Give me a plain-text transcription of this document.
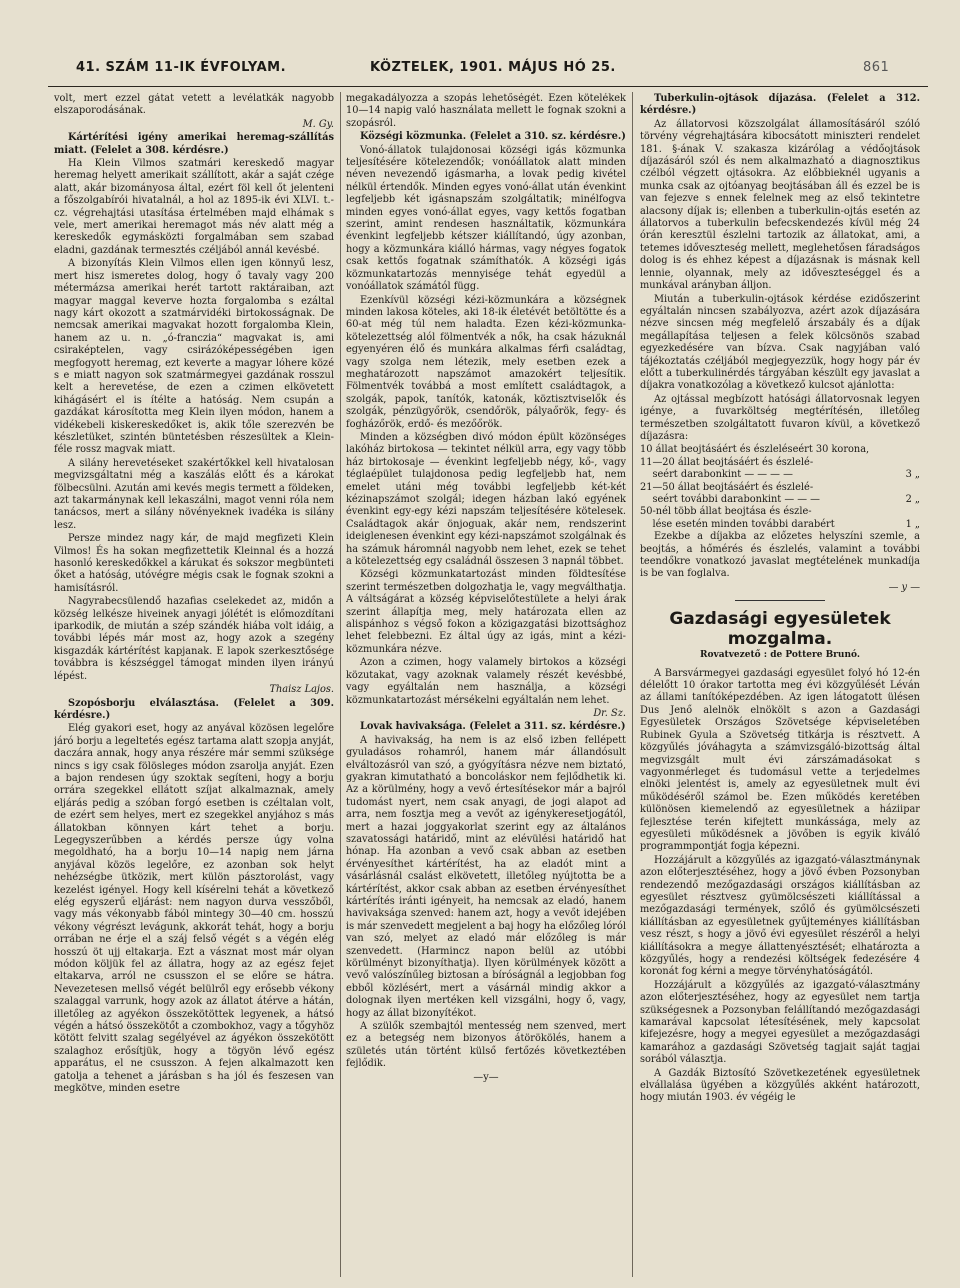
41. SZÁM 11-IK ÉVFOLYAM.	KÖZTELEK, 1901. MÁJUS HÓ 25.	861

volt, mert ezzel gátat vetett a levélatkák nagyobb elszaporodásának.

M. Gy.

Kártérítési igény amerikai heremag-szállítás miatt. (Felelet a 308. kérdésre.)

Ha Klein Vilmos szatmári kereskedő magyar heremag helyett amerikait szállított, akár a saját czége alatt, akár bizományosa által, ezért föl kell őt jelenteni a főszolgabírói hivatalnál, a hol az 1895-ik évi XLVI. t.-cz. végrehajtási utasítása értelmében majd elhámak s vele, mert amerikai heremagot más név alatt még a kereskedők egymásközti forgalmában sem szabad eladni, gazdának termesztés czéljából annál kevésbé.

A bizonyítás Klein Vilmos ellen igen könnyű lesz, mert hisz ismeretes dolog, hogy ő tavaly vagy 200 métermázsa amerikai herét tartott raktáraiban, azt magyar maggal keverve hozta forgalomba s ezáltal nagy kárt okozott a szatmárvidéki birtokosságnak. De nemcsak amerikai magvakat hozott forgalomba Klein, hanem az u. n. „ó-franczia“ magvakat is, ami csiraképtelen, vagy csirázóképességében igen megfogyott heremag, ezt keverte a magyar lóhere közé s e miatt nagyon sok szatmármegyei gazdának rosszul kelt a herevetése, de ezen a czimen elkövetett kihágásért el is ítélte a hatóság. Nem csupán a gazdákat károsította meg Klein ilyen módon, hanem a vidékebeli kiskereskedőket is, akik tőle szerezvén be készletüket, szintén büntetésben részesültek a Klein-féle rossz magvak miatt.

A silány herevetéseket szakértőkkel kell hivatalosan megvizsgáltatni még a kaszálás előtt és a károkat fölbecsülni. Azután ami kevés megis termett a földeken, azt takarmánynak kell lekaszálni, magot venni róla nem tanácsos, mert a silány növényeknek ivadéka is silány lesz.

Persze mindez nagy kár, de majd megfizeti Klein Vilmos! És ha sokan megfizettetik Kleinnal és a hozzá hasonló kereskedőkkel a kárukat és sokszor megbünteti őket a hatóság, utóvégre mégis csak le fognak szokni a hamisításról.

Nagyrabecsülendő hazafias cselekedet az, midőn a község lelkésze hiveinek anyagi jólétét is előmozdítani iparkodik, de miután a szép szándék hiába volt idáig, a további lépés már most az, hogy azok a szegény kisgazdák kártérítést kapjanak. E lapok szerkesztősége továbbra is készséggel támogat minden ilyen irányú lépést.

Thaisz Lajos.

Szopósborju elválasztása. (Felelet a 309. kérdésre.)

Elég gyakori eset, hogy az anyával közösen legelőre járó borju a legeltetés egész tartama alatt szopja anyját, daczára annak, hogy anya részére már semmi szüksége nincs s igy csak fölösleges módon zsarolja anyját. Ezen a bajon rendesen úgy szoktak segíteni, hogy a borju orrára szegekkel ellátott szíjat alkalmaznak, amely eljárás pedig a szóban forgó esetben is czéltalan volt, de ezért sem helyes, mert ez szegekkel anyjához s más állatokban könnyen kárt tehet a borju. Legegyszerűbben a kérdés persze úgy volna megoldható, ha a borju 10—14 napig nem járna anyjával közös legelőre, ez azonban sok helyt nehézségbe ütközik, mert külön pásztorolást, vagy kezelést igényel. Hogy kell kísérelni tehát a következő elég egyszerű eljárást: nem nagyon durva vesszőből, vagy más vékonyabb fából mintegy 30—40 cm. hosszú vékony végrészt levágunk, akkorát tehát, hogy a borju orrában ne érje el a száj felső végét s a végén elég hosszú öt ujj eltakarja. Ezt a vásznat most már olyan módon köljük fel az állatra, hogy az az egész fejet eltakarva, arról ne csusszon el se előre se hátra. Nevezetesen mellső végét belülről egy erősebb vékony szalaggal varrunk, hogy azok az állatot átérve a hátán, illetőleg az agyékon összekötöttek legyenek, a hátsó végén a hátsó összekötőt a czombokhoz, vagy a tőgyhöz kötött felvitt szalag segélyével az ágyékon összekötött szalaghoz erősítjük, hogy a tögyön lévő egész apparátus, el ne csusszon. A fejen alkalmazott ken gatolja a tehenet a járásban s ha jól és feszesen van megkötve, minden esetre

megakadályozza a szopás lehetőségét. Ezen kötelékek 10—14 napig való használata mellett le fognak szokni a szopásról.

Községi közmunka. (Felelet a 310. sz. kérdésre.)

Vonó-állatok tulajdonosai községi igás közmunka teljesítésére kötelezendők; vonóállatok alatt minden néven nevezendő igásmarha, a lovak pedig kivétel nélkül értendők. Minden egyes vonó-állat után évenkint legfeljebb két igásnapszám szolgáltatik; minélfogva minden egyes vonó-állat egyes, vagy kettős fogatban szerint, amint rendesen használtatik, közmunkára évenkint legfeljebb kétszer kiállítandó, úgy azonban, hogy a közmunkára kiálló hármas, vagy négyes fogatok csak kettős fogatnak számíthatók. A községi igás közmunkatartozás mennyisége tehát egyedül a vonóállatok számától függ.

Ezenkívül községi kézi-közmunkára a községnek minden lakosa köteles, aki 18-ik életévét betöltötte és a 60-at még túl nem haladta. Ezen kézi-közmunka-kötelezettség alól fölmentvék a nők, ha csak házuknál egyenyéren élő és munkára alkalmas férfi családtag, vagy szolga nem létezik, mely esetben ezek a meghatározott napszámot amazokért teljesítik. Fölmentvék továbbá a most említett családtagok, a szolgák, papok, tanítók, katonák, köztisztviselők és szolgák, pénzügyőrök, csendőrök, pályaőrök, fegy- és fogházőrök, erdő- és mezőőrök.

Minden a községben divó módon épült közönséges lakóház birtokosa — tekintet nélkül arra, egy vagy több ház birtokosaje — évenkint legfeljebb négy, kő-, vagy téglaépület tulajdonosa pedig legfeljebb hat, nem emelet utáni még további legfeljebb két-két kézinapszámot szolgál; idegen házban lakó egyének évenkint egy-egy kézi napszám teljesítésére kötelesek. Családtagok akár önjoguak, akár nem, rendszerint ideiglenesen évenkint egy kézi-napszámot szolgálnak és ha számuk háromnál nagyobb nem lehet, ezek se tehet a kötelezettség egy családnál összesen 3 napnál többet.

Községi közmunkatartozást minden földtesítése szerint természetben dolgozhatja le, vagy megválthatja. A váltságárat a község képviselőtestülete a helyi árak szerint állapítja meg, mely határozata ellen az alispánhoz s végső fokon a közigazgatási bizottsághoz lehet felebbezni. Ez által úgy az igás, mint a kézi-közmunkára nézve.

Azon a czimen, hogy valamely birtokos a községi közutakat, vagy azoknak valamely részét kevésbbé, vagy egyáltalán nem használja, a községi közmunkatartozást mérsékelni egyáltalán nem lehet.

Dr. Sz.

Lovak havivaksága. (Felelet a 311. sz. kérdésre.)

A havivakság, ha nem is az első izben fellépett gyuladásos rohamról, hanem már állandósult elváltozásról van szó, a gyógyításra nézve nem biztató, gyakran kimutatható a boncoláskor nem fejlődhetik ki. Az a körülmény, hogy a vevő értesítésekor már a bajról tudomást nyert, nem csak anyagi, de jogi alapot ad arra, nem fosztja meg a vevőt az igénykeresetjogától, mert a hazai joggyakorlat szerint egy az általános szavatossági határidő, mint az elévülési határidő hat hónap. Ha azonban a vevő csak abban az esetben érvényesíthet kártérítést, ha az eladót mint a vásárlásnál csalást elkövetett, illetőleg nyújtotta be a kártérítést, akkor csak abban az esetben érvényesíthet kártérítés iránti igényeit, ha nemcsak az eladó, hanem havivaksága szenved: hanem azt, hogy a vevőt idejében is már szenvedett megjelent a baj hogy ha előzőleg lóról van szó, melyet az eladó már előzőleg is már szenvedett. (Harmincz napon belül az utóbbi körülményt bizonyíthatja). Ilyen körülmények között a vevő valószínűleg biztosan a bíróságnál a legjobban fog ebből közlésért, mert a vásárnál mindig akkor a dolognak ilyen mertéken kell vizsgálni, hogy ő, vagy, hogy az állat bizonyítékot.

A szülők szembajtól mentesség nem szenved, mert ez a betegség nem bizonyos átörökölés, hanem a születés után történt külső fertőzés következtében fejlődik.

—y—

Tuberkulin-ojtások díjazása. (Felelet a 312. kérdésre.)

Az állatorvosi közszolgálat államosításáról szóló törvény végrehajtására kibocsátott miniszteri rendelet 181. §-ának V. szakasza kizárólag a védőojtások díjazásáról szól és nem alkalmazható a diagnosztikus czélból végzett ojtásokra. Az előbbieknél ugyanis a munka csak az ojtóanyag beojtásában áll és ezzel be is van fejezve s ennek felelnek meg az első tekintetre alacsony díjak is; ellenben a tuberkulin-ojtás esetén az állatorvos a tuberkulin befecskendezés kívül még 24 órán keresztül észlelni tartozik az állatokat, ami, a tetemes időveszteség mellett, meglehetősen fáradságos dolog is és ehhez képest a díjazásnak is másnak kell lennie, olyannak, mely az időveszteséggel és a munkával arányban álljon.

Miután a tuberkulin-ojtások kérdése ezidőszerint egyáltalán nincsen szabályozva, azért azok díjazására nézve sincsen még megfelelő árszabály és a díjak megállapítása teljesen a felek kölcsönös szabad egyezkedésére van bízva. Csak nagyjában való tájékoztatás czéljából megjegyezzük, hogy hogy pár év előtt a tuberkulinérdés tárgyában készült egy javaslat a díjakra vonatkozólag a következő kulcsot ajánlotta:

Az ojtással megbízott hatósági állatorvosnak legyen igénye, a fuvarköltség megtérítésén, illetőleg természetben szolgáltatott fuvaron kívül, a következő díjazásra:

10 állat beojtásáért és észleléseért 30 korona,	
11—20 állat beojtásáért és észlelé-	
seért darabonkint — — — —	3 „
21—50 állat beojtásáért és észlelé-	
seért további darabonkint — — —	2 „
50-nél több állat beojtása és észle-	
lése esetén minden további darabért	1 „

Ezekbe a díjakba az előzetes helyszíni szemle, a beojtás, a hőmérés és észlelés, valamint a további teendőkre vonatkozó javaslat megtételének munkadíja is be van foglalva.

— y —

Gazdasági egyesületek mozgalma.
Rovatvezető : de Pottere Brunó.

A Barsvármegyei gazdasági egyesület folyó hó 12-én délelőtt 10 órakor tartotta meg évi közgyűlését Léván az állami tanítóképezdében. Az igen látogatott ülésen Dus Jenő alelnök elnökölt s azon a Gazdasági Egyesületek Országos Szövetsége képviseletében Rubinek Gyula a Szövetség titkárja is résztvett. A közgyűlés jóváhagyta a számvizsgáló-bizottság által megvizsgált mult évi zárszámadásokat s vagyonmérleget és tudomásul vette a terjedelmes elnöki jelentést is, amely az egyesületnek mult évi működéséről számol be. Ezen működés keretében különösen kiemelendő az egyesületnek a háziipar fejlesztése terén kifejtett munkássága, mely az egyesületi működésnek a jövőben is egyik kiváló programmpontját fogja képezni.

Hozzájárult a közgyűlés az igazgató-választmánynak azon előterjesztéséhez, hogy a jövő évben Pozsonyban rendezendő mezőgazdasági országos kiállításban az egyesület résztvesz gyümölcsészeti kiállítással a mezőgazdasági termények, szőlő és gyümölcsészeti kiállításban az egyesületnek gyűjteményes kiállításban vesz részt, s hogy a jövő évi egyesület részéről a helyi kiállításokra a megye állattenyésztését; elhatározta a közgyűlés, hogy a rendezési költségek fedezésére 4 koronát fog kérni a megye törvényhatóságától.

Hozzájárult a közgyűlés az igazgató-választmány azon előterjesztéséhez, hogy az egyesület nem tartja szükségesnek a Pozsonyban felállítandó mezőgazdasági kamarával kapcsolat létesítésének, mely kapcsolat kifejezésre, hogy a megyei egyesület a mezőgazdasági kamarához a gazdasági Szövetség tagjait saját tagjai sorából választja.

A Gazdák Biztosító Szövetkezetének egyesületnek elvállalása ügyében a közgyűlés akként határozott, hogy miután 1903. év végéig le
